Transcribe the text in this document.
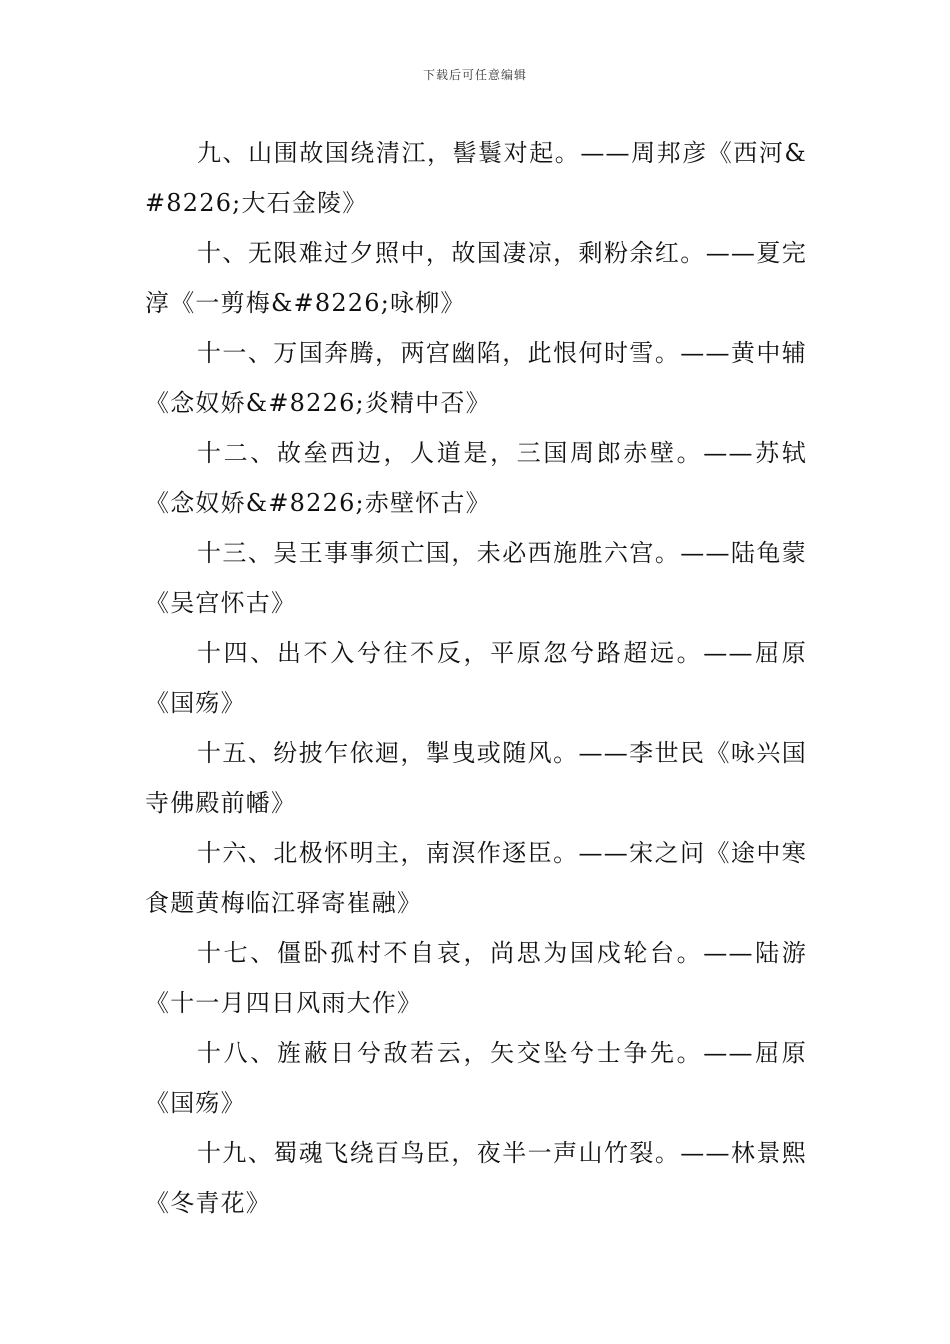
下载后可任意编辑

九、山围故国绕清江，髻鬟对起。——周邦彦《西河&#8226;大石金陵》

十、无限难过夕照中，故国凄凉，剩粉余红。——夏完淳《一剪梅&#8226;咏柳》

十一、万国奔腾，两宫幽陷，此恨何时雪。——黄中辅《念奴娇&#8226;炎精中否》

十二、故垒西边，人道是，三国周郎赤壁。——苏轼《念奴娇&#8226;赤壁怀古》

十三、吴王事事须亡国，未必西施胜六宫。——陆龟蒙《吴宫怀古》

十四、出不入兮往不反，平原忽兮路超远。——屈原《国殇》

十五、纷披乍依迴，掣曳或随风。——李世民《咏兴国寺佛殿前幡》

十六、北极怀明主，南溟作逐臣。——宋之问《途中寒食题黄梅临江驿寄崔融》

十七、僵卧孤村不自哀，尚思为国戍轮台。——陆游《十一月四日风雨大作》

十八、旌蔽日兮敌若云，矢交坠兮士争先。——屈原《国殇》

十九、蜀魂飞绕百鸟臣，夜半一声山竹裂。——林景熙《冬青花》
